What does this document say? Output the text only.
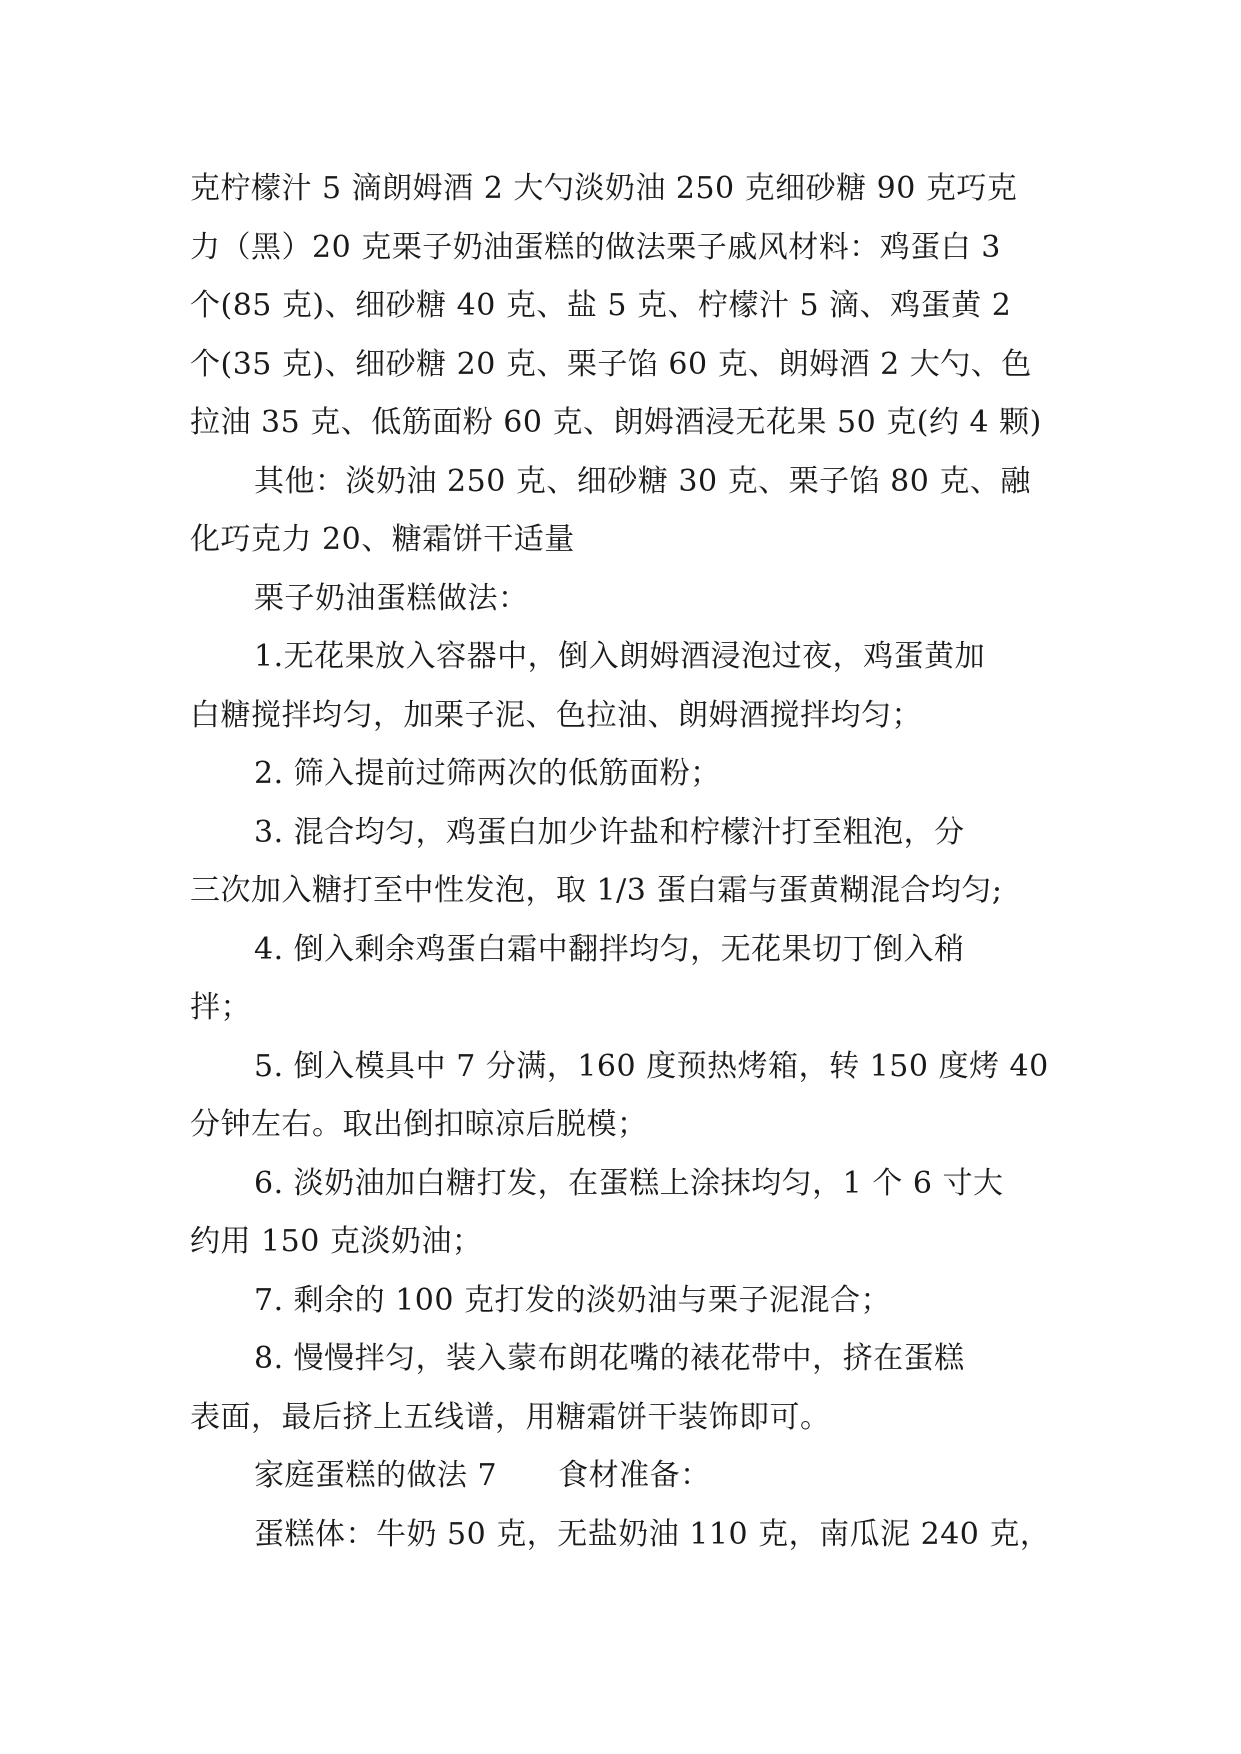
克柠檬汁 5 滴朗姆酒 2 大勺淡奶油 250 克细砂糖 90 克巧克
力（黑）20 克栗子奶油蛋糕的做法栗子戚风材料：鸡蛋白 3
个(85 克)、细砂糖 40 克、盐 5 克、柠檬汁 5 滴、鸡蛋黄 2
个(35 克)、细砂糖 20 克、栗子馅 60 克、朗姆酒 2 大勺、色
拉油 35 克、低筋面粉 60 克、朗姆酒浸无花果 50 克(约 4 颗)
其他：淡奶油 250 克、细砂糖 30 克、栗子馅 80 克、融
化巧克力 20、糖霜饼干适量
栗子奶油蛋糕做法：
1.无花果放入容器中，倒入朗姆酒浸泡过夜，鸡蛋黄加
白糖搅拌均匀，加栗子泥、色拉油、朗姆酒搅拌均匀；
2. 筛入提前过筛两次的低筋面粉；
3. 混合均匀，鸡蛋白加少许盐和柠檬汁打至粗泡，分
三次加入糖打至中性发泡，取 1/3 蛋白霜与蛋黄糊混合均匀;
4. 倒入剩余鸡蛋白霜中翻拌均匀，无花果切丁倒入稍
拌；
5. 倒入模具中 7 分满，160 度预热烤箱，转 150 度烤 40
分钟左右。取出倒扣晾凉后脱模；
6. 淡奶油加白糖打发，在蛋糕上涂抹均匀，1 个 6 寸大
约用 150 克淡奶油；
7. 剩余的 100 克打发的淡奶油与栗子泥混合；
8. 慢慢拌匀，装入蒙布朗花嘴的裱花带中，挤在蛋糕
表面，最后挤上五线谱，用糖霜饼干装饰即可。
家庭蛋糕的做法 7　　食材准备：
蛋糕体：牛奶 50 克，无盐奶油 110 克，南瓜泥 240 克，
